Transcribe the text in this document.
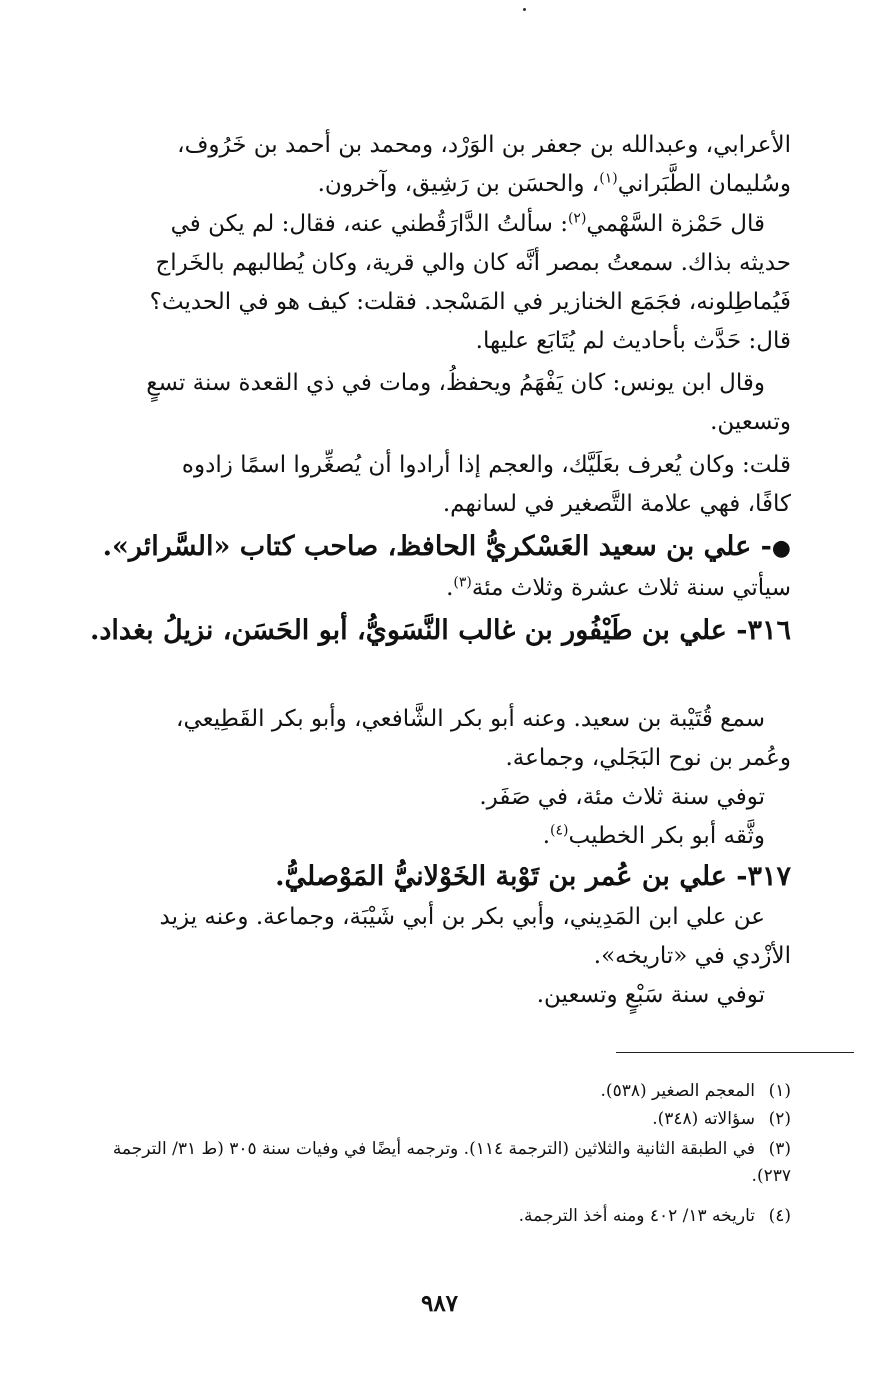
الأعرابي، وعبدالله بن جعفر بن الوَرْد، ومحمد بن أحمد بن خَرُوف،

وسُليمان الطَّبَراني$^{(١)}$، والحسَن بن رَشِيق، وآخرون.

قال حَمْزة السَّهْمي$^{(٢)}$: سألتُ الدَّارَقُطني عنه، فقال: لم يكن في

حديثه بذاك. سمعتُ بمصر أنَّه كان والي قرية، وكان يُطالبهم بالخَراج

فَيُماطِلونه، فجَمَع الخنازير في المَسْجد. فقلت: كيف هو في الحديث؟

قال: حَدَّث بأحاديث لم يُتَابَع عليها.

وقال ابن يونس: كان يَفْهَمُ ويحفظُ، ومات في ذي القعدة سنة تسعٍ

وتسعين.

قلت: وكان يُعرف بعَلَيَّك، والعجم إذا أرادوا أن يُصغِّروا اسمًا زادوه

كافًا، فهي علامة التَّصغير في لسانهم.

●- علي بن سعيد العَسْكريُّ الحافظ، صاحب كتاب «السَّرائر».

سيأتي سنة ثلاث عشرة وثلاث مئة$^{(٣)}$.

٣١٦- علي بن طَيْفُور بن غالب النَّسَويُّ، أبو الحَسَن، نزيلُ بغداد.

سمع قُتَيْبة بن سعيد. وعنه أبو بكر الشَّافعي، وأبو بكر القَطِيعي،

وعُمر بن نوح البَجَلي، وجماعة.

توفي سنة ثلاث مئة، في صَفَر.

وثَّقه أبو بكر الخطيب$^{(٤)}$.

٣١٧- علي بن عُمر بن تَوْبة الخَوْلانيُّ المَوْصليُّ.

عن علي ابن المَدِيني، وأبي بكر بن أبي شَيْبَة، وجماعة. وعنه يزيد

الأزْدي في «تاريخه».

توفي سنة سَبْعٍ وتسعين.

(١)المعجم الصغير (٥٣٨).

(٢)سؤالاته (٣٤٨).

(٣)في الطبقة الثانية والثلاثين (الترجمة ١١٤). وترجمه أيضًا في وفيات سنة ٣٠٥ (ط ٣١/ الترجمة ٢٣٧).

(٤)تاريخه ١٣/ ٤٠٢ ومنه أخذ الترجمة.

٩٨٧
